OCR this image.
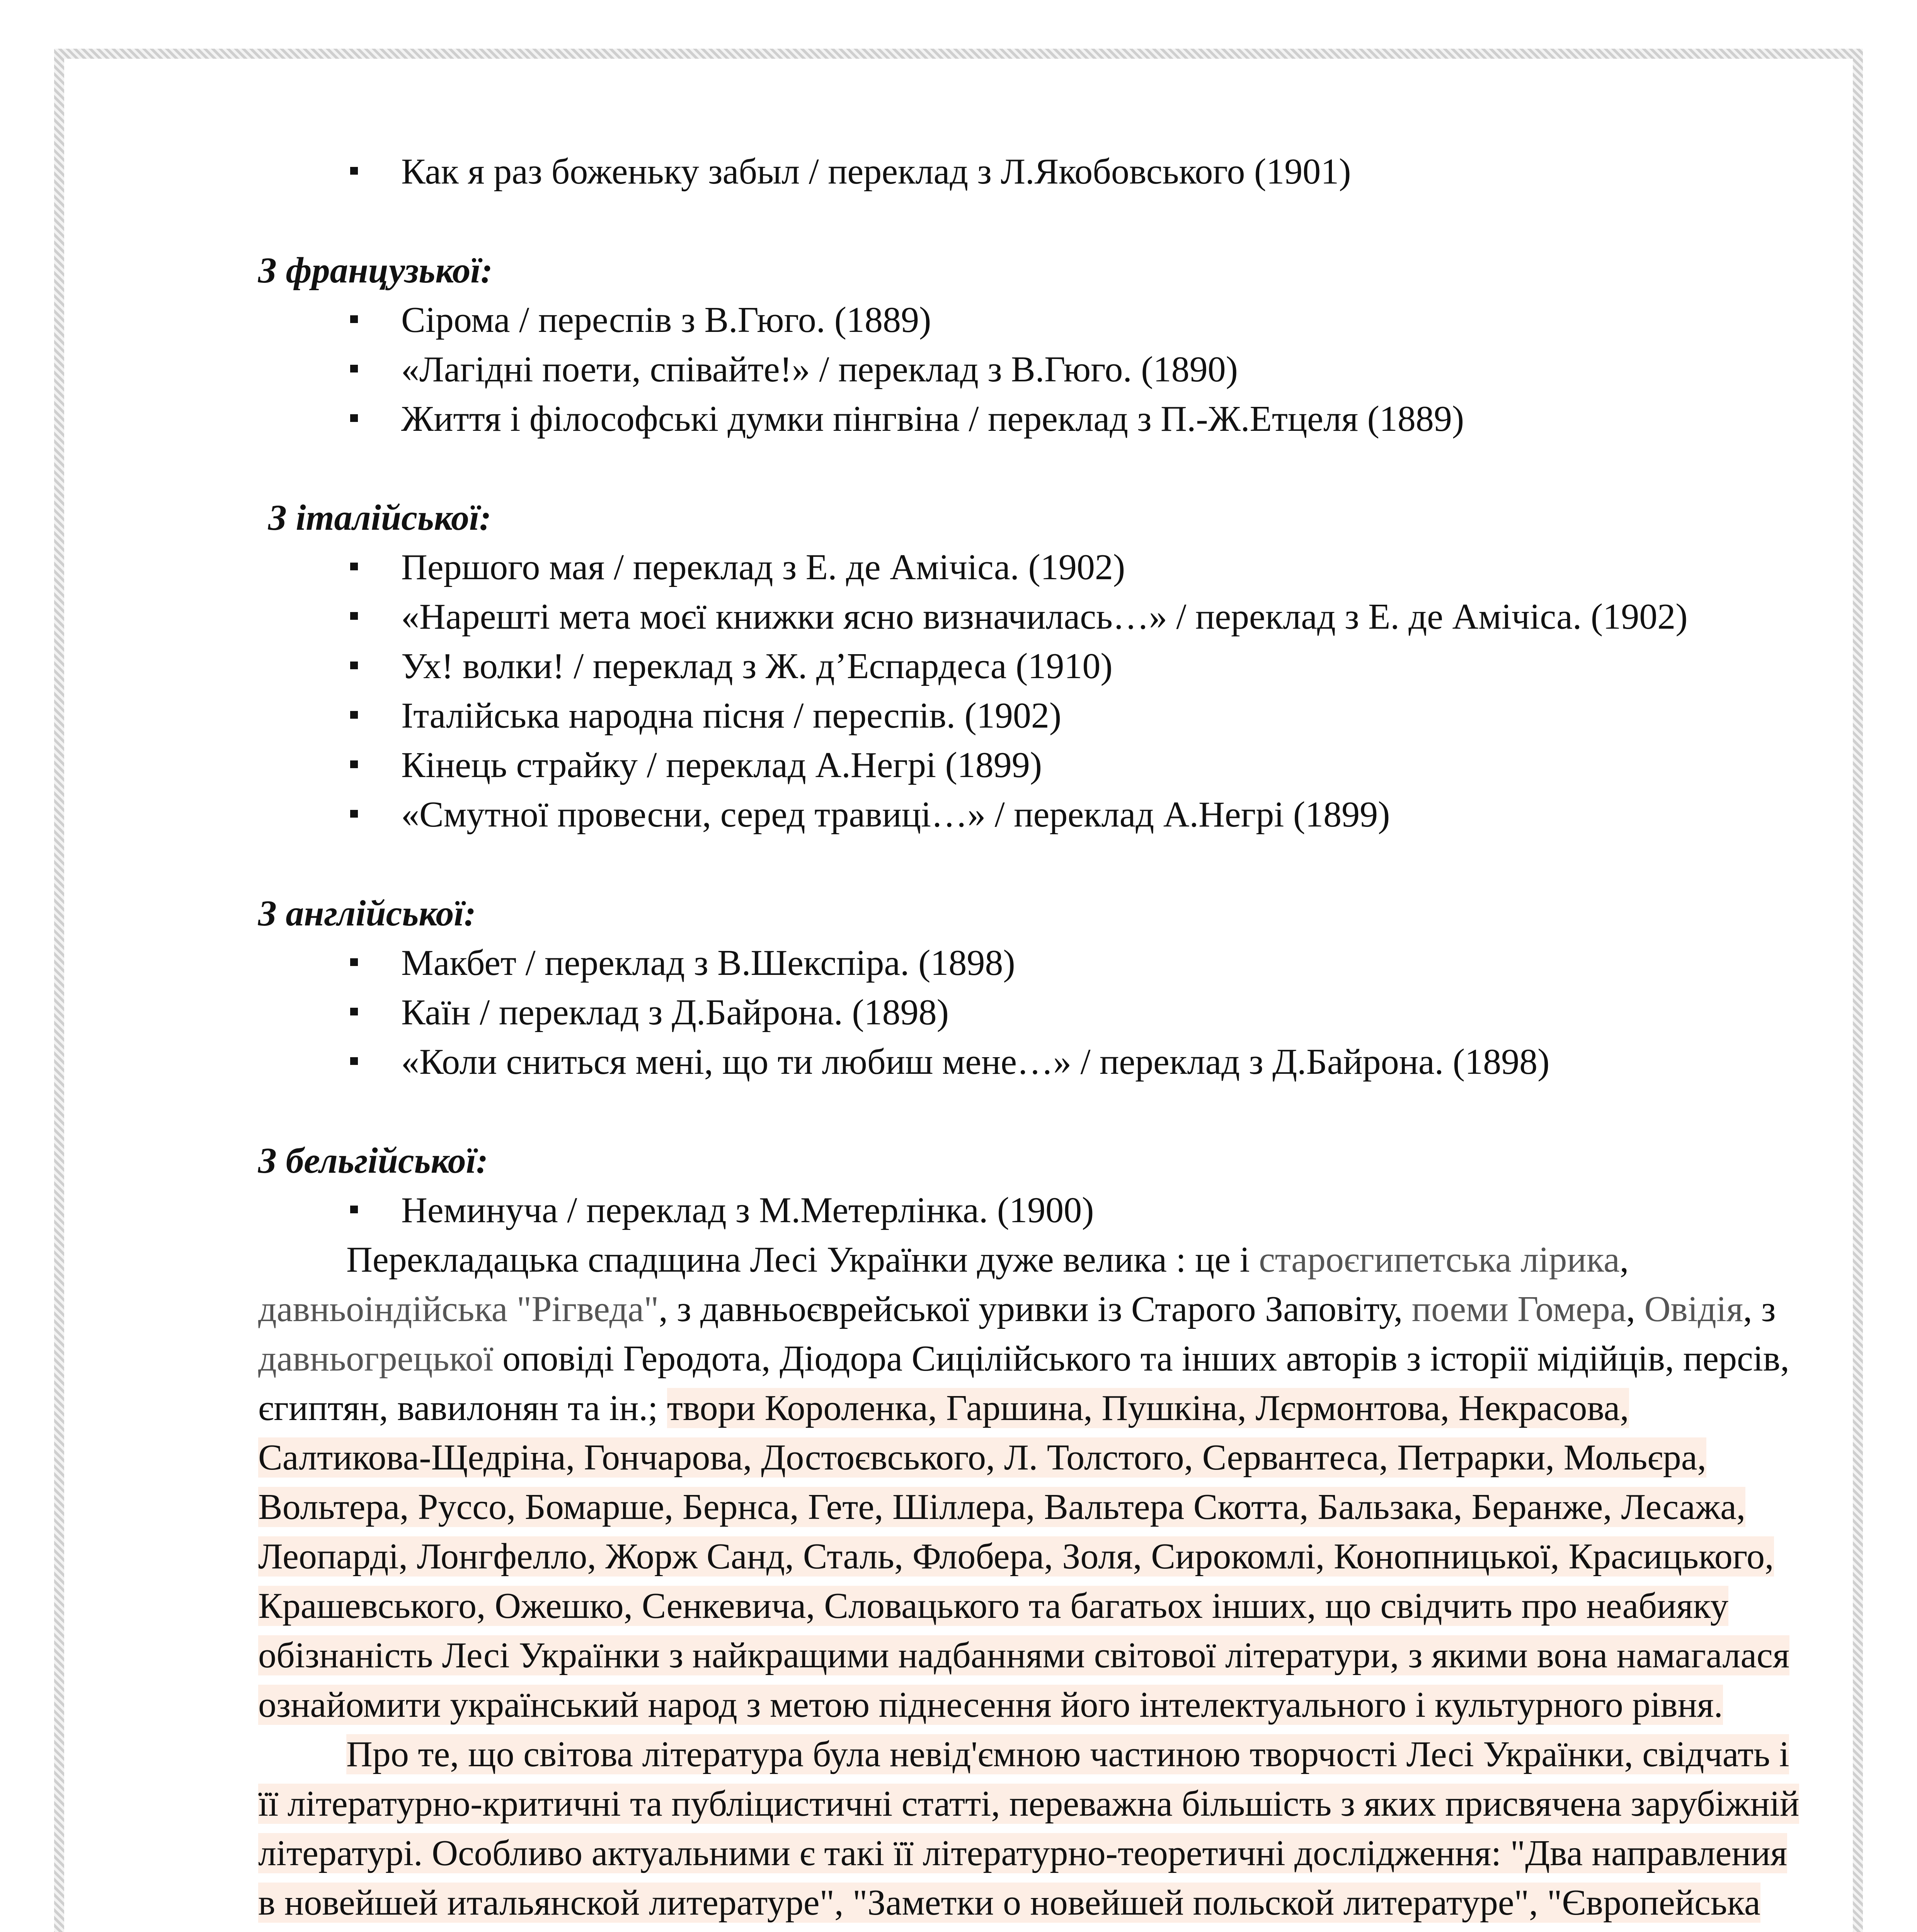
Как я раз боженьку забыл / переклад з Л.Якобовського (1901)

З французької:

Сірома / переспів з В.Гюго. (1889)
«Лагідні поети, співайте!» / переклад з В.Гюго. (1890)
Життя і філософські думки пінгвіна / переклад з П.-Ж.Етцеля (1889)

З італійської:

Першого мая / переклад з Е. де Амічіса. (1902)
«Нарешті мета моєї книжки ясно визначилась…» / переклад з Е. де Амічіса. (1902)
Ух! волки! / переклад з Ж. д’Еспардеса (1910)
Італійська народна пісня / переспів. (1902)
Кінець страйку / переклад А.Негрі (1899)
«Смутної провесни, серед травиці…» / переклад А.Негрі (1899)

З англійської:

Макбет / переклад з В.Шекспіра. (1898)
Каїн / переклад з Д.Байрона. (1898)
«Коли сниться мені, що ти любиш мене…» / переклад з Д.Байрона. (1898)

З бельгійської:

Неминуча / переклад з М.Метерлінка. (1900)

Перекладацька спадщина Лесі Українки дуже велика : це і староєгипетська лірика, давньоіндійська "Рігведа", з давньоєврейської уривки із Старого Заповіту, поеми Гомера, Овідія, з давньогрецької оповіді Геродота, Діодора Сицілійського та інших авторів з історії мідійців, персів, єгиптян, вавилонян та ін.; твори Короленка, Гаршина, Пушкіна, Лєрмонтова, Некрасова, Салтикова-Щедріна, Гончарова, Достоєвського, Л. Толстого, Сервантеса, Петрарки, Мольєра, Вольтера, Руссо, Бомарше, Бернса, Гете, Шіллера, Вальтера Скотта, Бальзака, Беранже, Лесажа, Леопарді, Лонгфелло, Жорж Санд, Сталь, Флобера, Золя, Сирокомлі, Конопницької, Красицького, Крашевського, Ожешко, Сенкевича, Словацького та багатьох інших, що свідчить про неабияку обізнаність Лесі Українки з найкращими надбаннями світової літератури, з якими вона намагалася ознайомити український народ з метою піднесення його інтелектуального і культурного рівня.

Про те, що світова література була невід'ємною частиною творчості Лесі Українки, свідчать і її літературно-критичні та публіцистичні статті, переважна більшість з яких присвячена зарубіжній літературі. Особливо актуальними є такі її літературно-теоретичні дослідження: "Два направления в новейшей итальянской литературе", "Заметки о новейшей польской литературе", "Європейська
